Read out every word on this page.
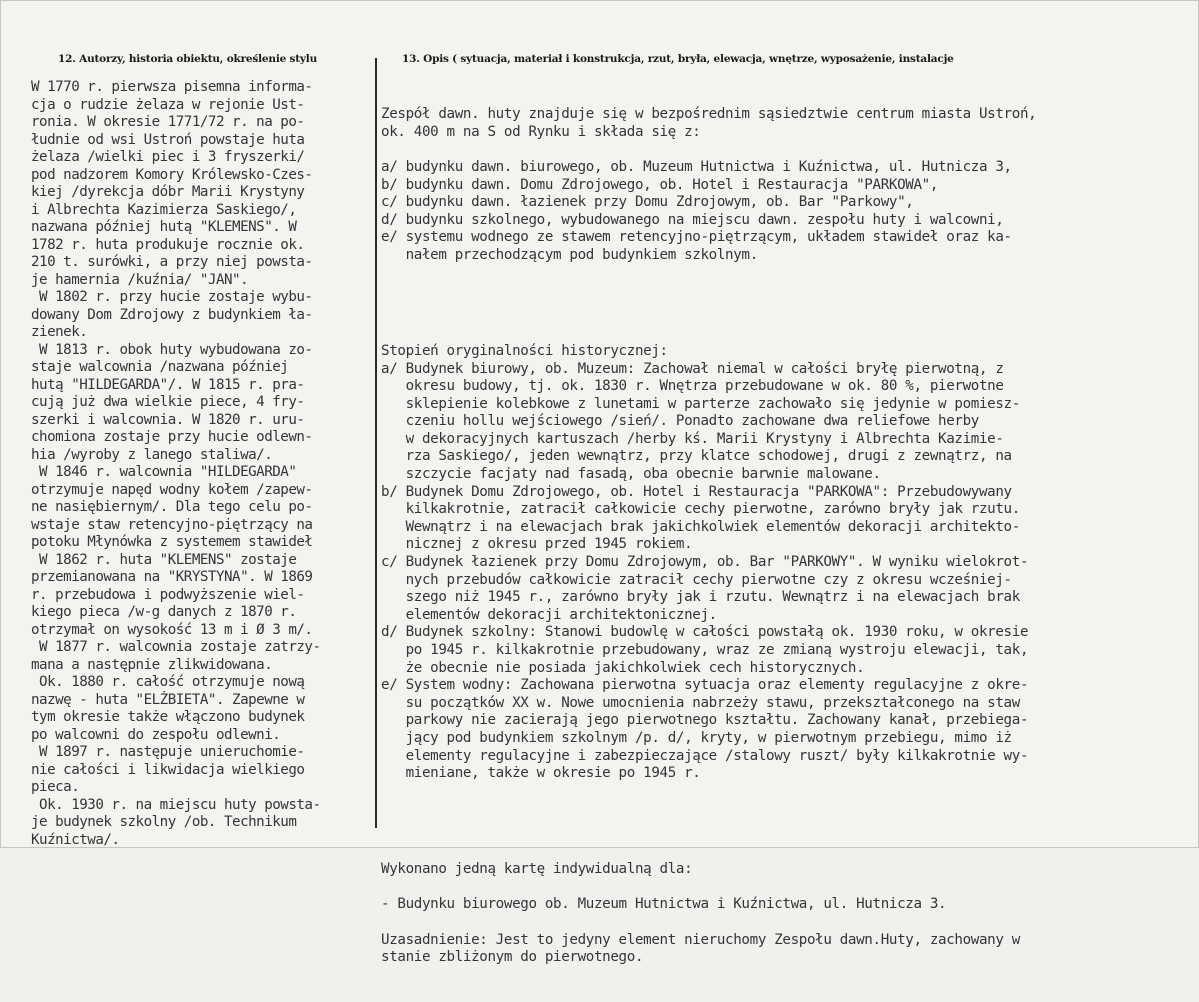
12. Autorzy, historia obiektu, określenie stylu	13. Opis ( sytuacja, materiał i konstrukcja, rzut, bryła, elewacja, wnętrze, wyposażenie, instalacje
W 1770 r. pierwsza pisemna informa-
cja o rudzie żelaza w rejonie Ust-
ronia. W okresie 1771/72 r. na po-
łudnie od wsi Ustroń powstaje huta
żelaza /wielki piec i 3 fryszerki/
pod nadzorem Komory Królewsko-Czes-
kiej /dyrekcja dóbr Marii Krystyny
i Albrechta Kazimierza Saskiego/,
nazwana później hutą "KLEMENS". W
1782 r. huta produkuje rocznie ok.
210 t. surówki, a przy niej powsta-
je hamernia /kuźnia/ "JAN".
W 1802 r. przy hucie zostaje wybu-
dowany Dom Zdrojowy z budynkiem ła-
zienek.
W 1813 r. obok huty wybudowana zo-
staje walcownia /nazwana później
hutą "HILDEGARDA"/. W 1815 r. pra-
cują już dwa wielkie piece, 4 fry-
szerki i walcownia. W 1820 r. uru-
chomiona zostaje przy hucie odlewn-
hia /wyroby z lanego staliwa/.
W 1846 r. walcownia "HILDEGARDA"
otrzymuje napęd wodny kołem /zapew-
ne nasiębiernym/. Dla tego celu po-
wstaje staw retencyjno-piętrzący na
potoku Młynówka z systemem stawideł
W 1862 r. huta "KLEMENS" zostaje
przemianowana na "KRYSTYNA". W 1869
r. przebudowa i podwyższenie wiel-
kiego pieca /w-g danych z 1870 r.
otrzymał on wysokość 13 m i Ø 3 m/.
W 1877 r. walcownia zostaje zatrzy-
mana a następnie zlikwidowana.
Ok. 1880 r. całość otrzymuje nową
nazwę - huta "ELŻBIETA". Zapewne w
tym okresie także włączono budynek
po walcowni do zespołu odlewni.
W 1897 r. następuje unieruchomie-
nie całości i likwidacja wielkiego
pieca.
Ok. 1930 r. na miejscu huty powsta-
je budynek szkolny /ob. Technikum
Kuźnictwa/.

Zespół dawn. huty znajduje się w bezpośrednim sąsiedztwie centrum miasta Ustroń,
ok. 400 m na S od Rynku i składa się z:
a/ budynku dawn. biurowego, ob. Muzeum Hutnictwa i Kuźnictwa, ul. Hutnicza 3,
b/ budynku dawn. Domu Zdrojowego, ob. Hotel i Restauracja "PARKOWA",
c/ budynku dawn. łazienek przy Domu Zdrojowym, ob. Bar "Parkowy",
d/ budynku szkolnego, wybudowanego na miejscu dawn. zespołu huty i walcowni,
e/ systemu wodnego ze stawem retencyjno-piętrzącym, układem stawideł oraz ka-
nałem przechodzącym pod budynkiem szkolnym.

Stopień oryginalności historycznej:
a/ Budynek biurowy, ob. Muzeum: Zachował niemal w całości bryłę pierwotną, z
okresu budowy, tj. ok. 1830 r. Wnętrza przebudowane w ok. 80 %, pierwotne
sklepienie kolebkowe z lunetami w parterze zachowało się jedynie w pomiesz-
czeniu hollu wejściowego /sień/. Ponadto zachowane dwa reliefowe herby
w dekoracyjnych kartuszach /herby kś. Marii Krystyny i Albrechta Kazimie-
rza Saskiego/, jeden wewnątrz, przy klatce schodowej, drugi z zewnątrz, na
szczycie facjaty nad fasadą, oba obecnie barwnie malowane.
b/ Budynek Domu Zdrojowego, ob. Hotel i Restauracja "PARKOWA": Przebudowywany
kilkakrotnie, zatracił całkowicie cechy pierwotne, zarówno bryły jak rzutu.
Wewnątrz i na elewacjach brak jakichkolwiek elementów dekoracji architekto-
nicznej z okresu przed 1945 rokiem.
c/ Budynek łazienek przy Domu Zdrojowym, ob. Bar "PARKOWY". W wyniku wielokrot-
nych przebudów całkowicie zatracił cechy pierwotne czy z okresu wcześniej-
szego niż 1945 r., zarówno bryły jak i rzutu. Wewnątrz i na elewacjach brak
elementów dekoracji architektonicznej.
d/ Budynek szkolny: Stanowi budowlę w całości powstałą ok. 1930 roku, w okresie
po 1945 r. kilkakrotnie przebudowany, wraz ze zmianą wystroju elewacji, tak,
że obecnie nie posiada jakichkolwiek cech historycznych.
e/ System wodny: Zachowana pierwotna sytuacja oraz elementy regulacyjne z okre-
su początków XX w. Nowe umocnienia nabrzeży stawu, przekształconego na staw
parkowy nie zacierają jego pierwotnego kształtu. Zachowany kanał, przebiega-
jący pod budynkiem szkolnym /p. d/, kryty, w pierwotnym przebiegu, mimo iż
elementy regulacyjne i zabezpieczające /stalowy ruszt/ były kilkakrotnie wy-
mieniane, także w okresie po 1945 r.

Wykonano jedną kartę indywidualną dla:
- Budynku biurowego ob. Muzeum Hutnictwa i Kuźnictwa, ul. Hutnicza 3.
Uzasadnienie: Jest to jedyny element nieruchomy Zespołu dawn.Huty, zachowany w
stanie zbliżonym do pierwotnego.
